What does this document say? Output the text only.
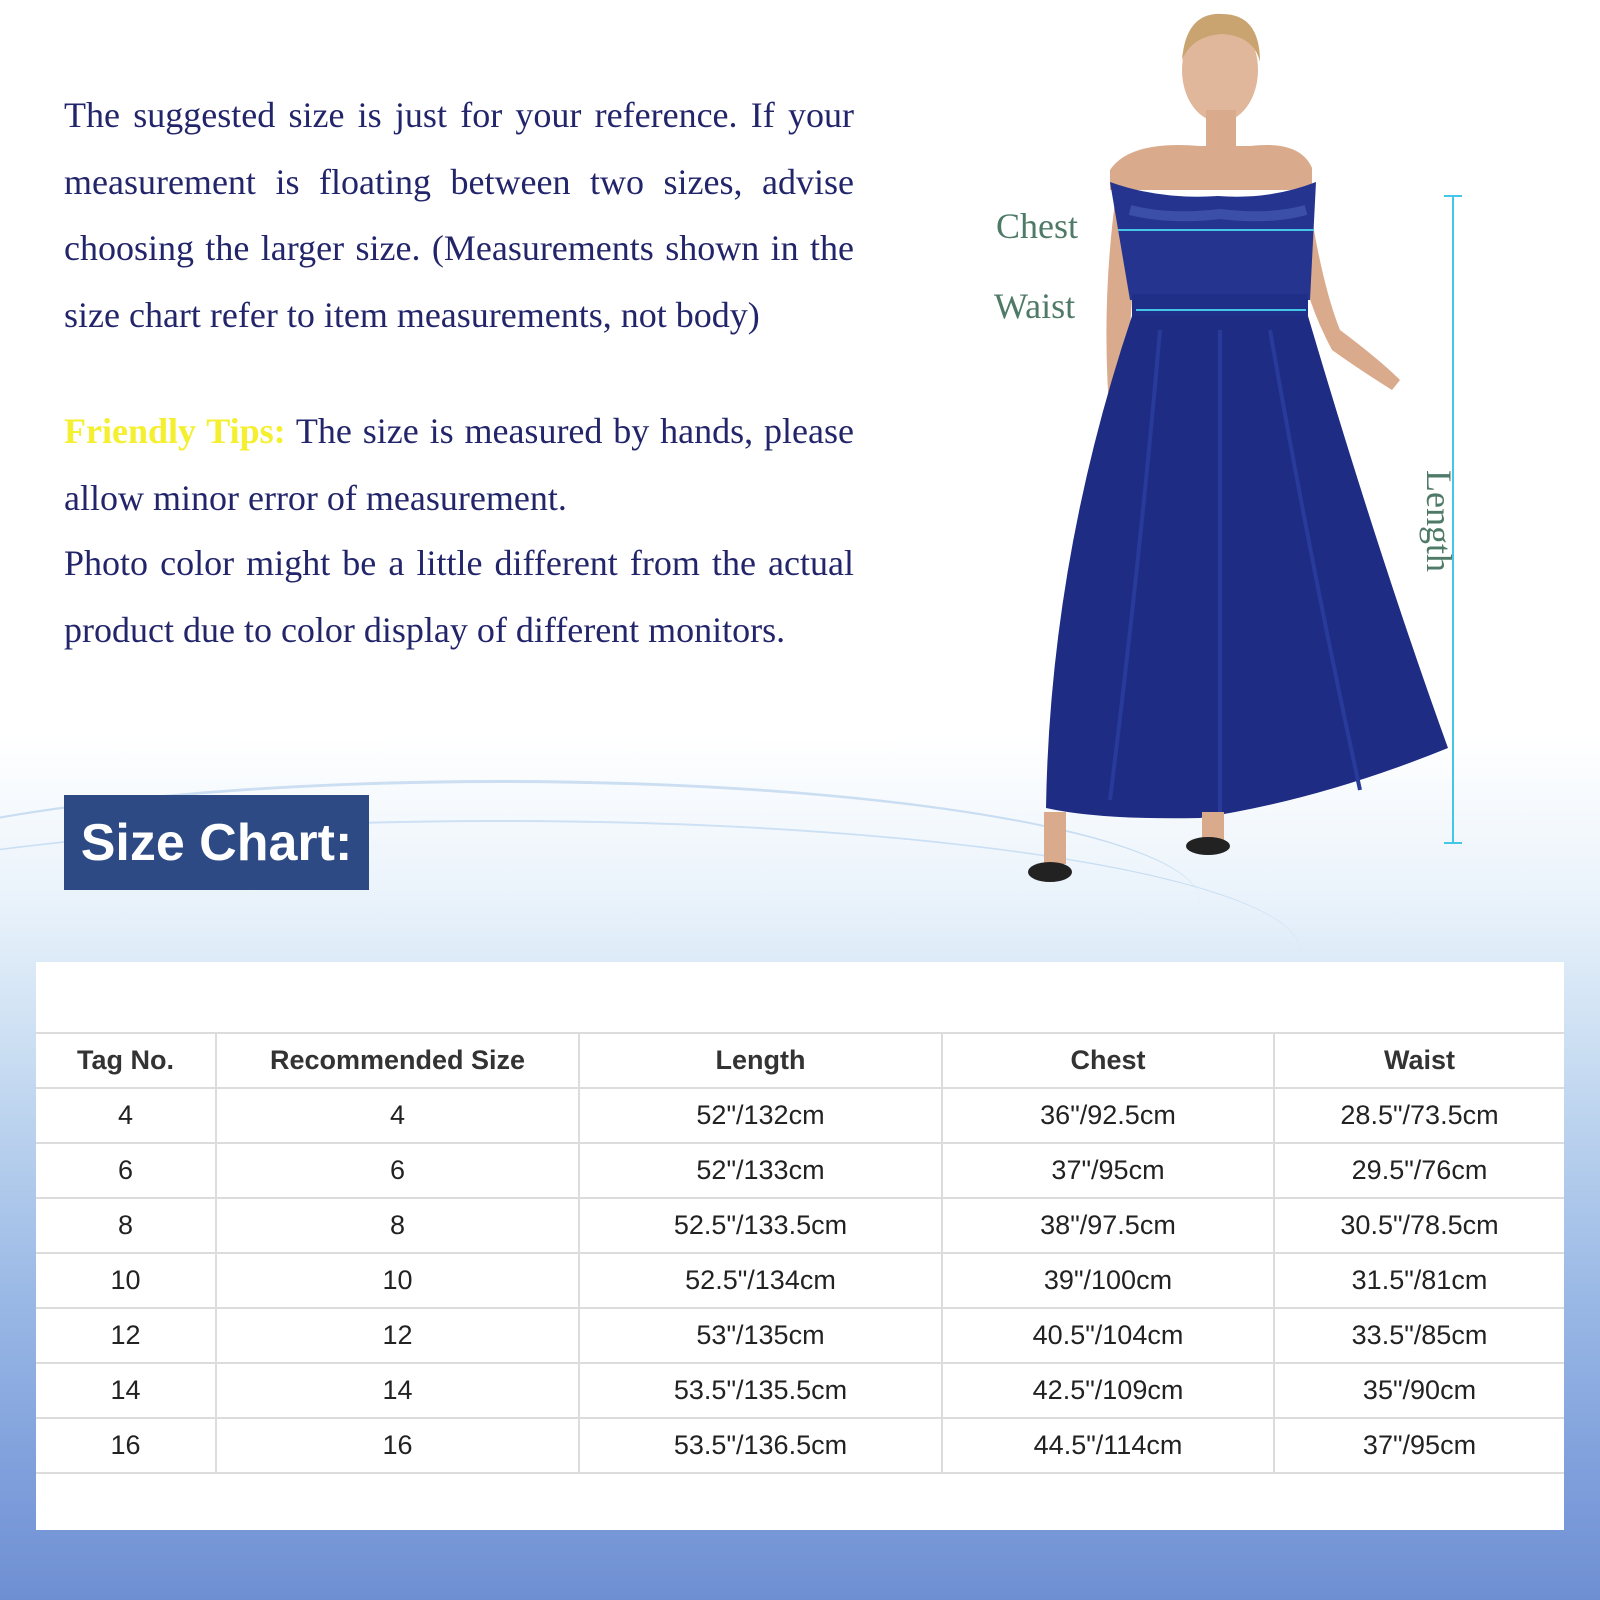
The suggested size is just for your reference. If your measurement is floating between two sizes, advise choosing the larger size. (Measurements shown in the size chart refer to item measurements, not body)

Friendly Tips: The size is measured by hands, please allow minor error of measurement.

Photo color might be a little different from the actual product due to color display of different monitors.

Size Chart:
Chest
Waist
Length
Tag No.	Recommended Size	Length	Chest	Waist
4	4	52"/132cm	36"/92.5cm	28.5"/73.5cm
6	6	52"/133cm	37"/95cm	29.5"/76cm
8	8	52.5"/133.5cm	38"/97.5cm	30.5"/78.5cm
10	10	52.5"/134cm	39"/100cm	31.5"/81cm
12	12	53"/135cm	40.5"/104cm	33.5"/85cm
14	14	53.5"/135.5cm	42.5"/109cm	35"/90cm
16	16	53.5"/136.5cm	44.5"/114cm	37"/95cm
